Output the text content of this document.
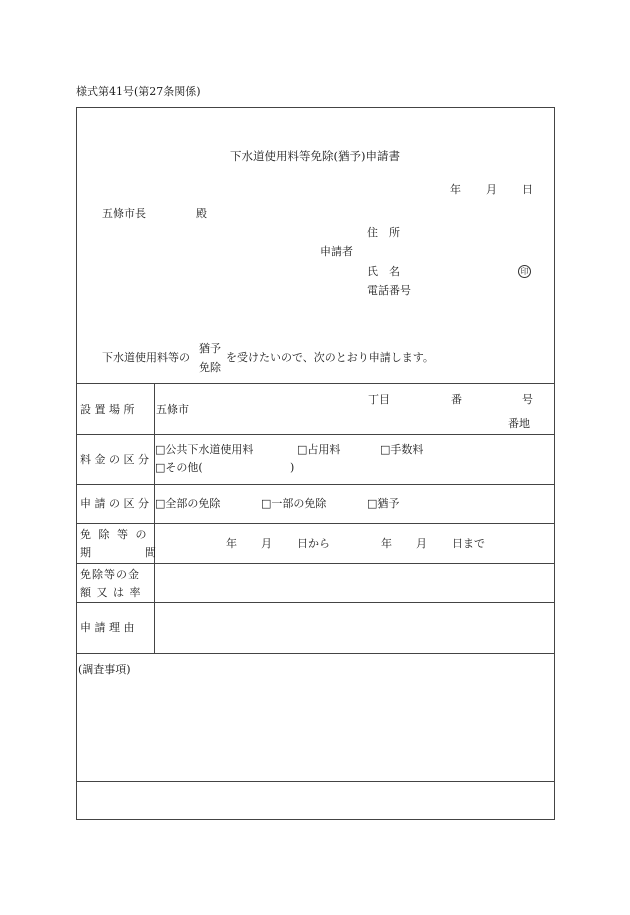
様式第41号(第27条関係)
下水道使用料等免除(猶予)申請書
年 月 日
五條市長	殿
住　所
申請者
氏　名	印
電話番号
下水道使用料等の
猶予
免除
を受けたいので、次のとおり申請します。
設 置 場 所 五條市
丁目	番	号
番地
料 金 の 区 分
□公共下水道使用料	□占用料	□手数料
□その他(	)
申 請 の 区 分 □全部の免除	□一部の免除	□猶予
免 除 等 の
期　　　　間
年 月 日から	年 月 日まで
免除等の金
額 又 は 率
申 請 理 由
(調査事項)
